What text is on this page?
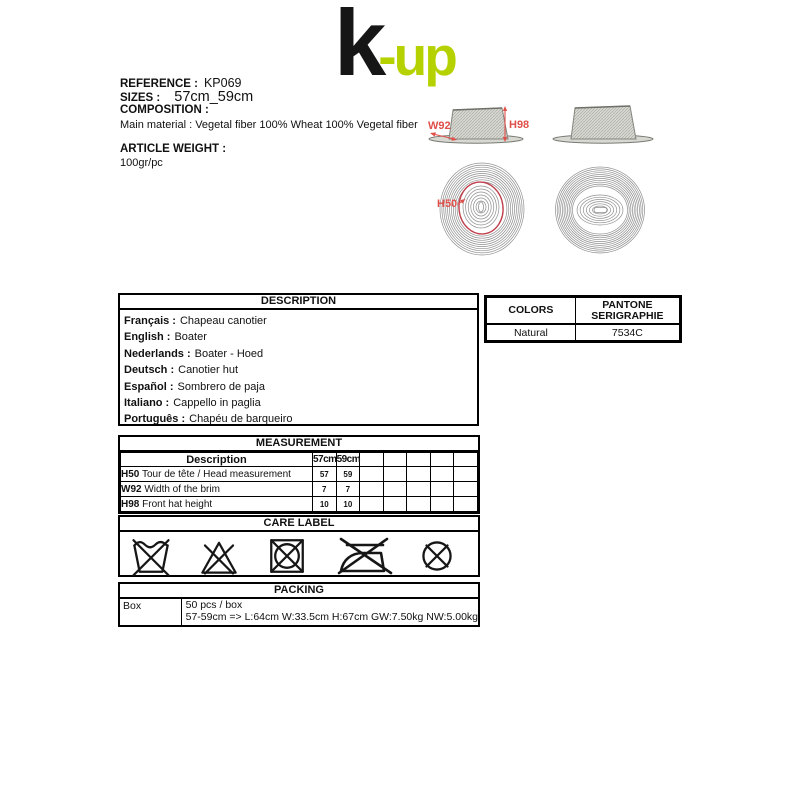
k-up
REFERENCE : KP069
SIZES : 57cm_59cm
COMPOSITION :
Main material : Vegetal fiber 100% Wheat 100% Vegetal fiber
ARTICLE WEIGHT :
100gr/pc
W92	H98
H50
DESCRIPTION
Français : Chapeau canotier
English : Boater
Nederlands : Boater - Hoed
Deutsch : Canotier hut
Español : Sombrero de paja
Italiano : Cappello in paglia
Português : Chapéu de barqueiro
COLORS	PANTONE
SERIGRAPHIE

Natural	7534C
MEASUREMENT
Description	57cm	59cm					
H50 Tour de tête / Head measurement	57	59					
W92 Width of the brim	7	7					
H98 Front hat height	10	10					
CARE LABEL
PACKING
Box	50 pcs / box
57-59cm => L:64cm W:33.5cm H:67cm GW:7.50kg NW:5.00kg
